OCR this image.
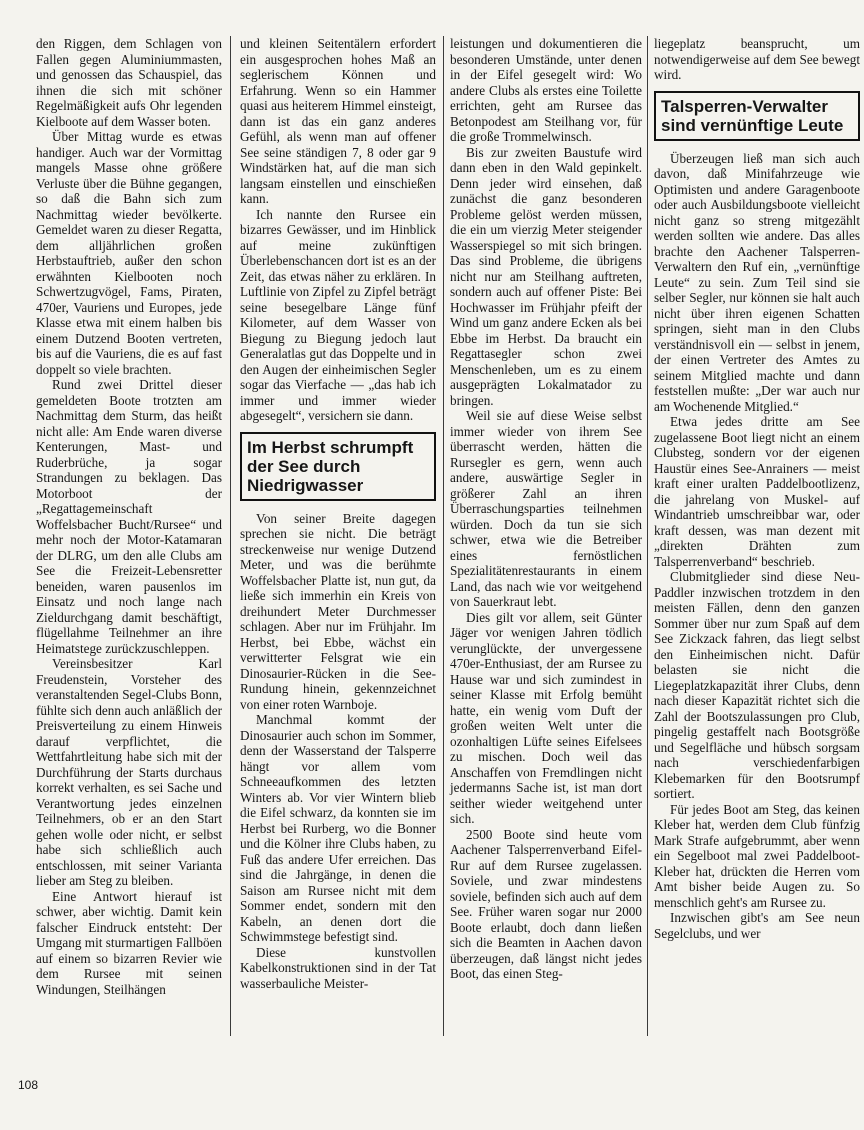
den Riggen, dem Schlagen von Fallen gegen Aluminiummasten, und genossen das Schauspiel, das ihnen die sich mit schöner Regelmäßigkeit aufs Ohr legenden Kielboote auf dem Wasser boten.

Über Mittag wurde es etwas handiger. Auch war der Vormittag mangels Masse ohne größere Verluste über die Bühne gegangen, so daß die Bahn sich zum Nachmittag wieder bevölkerte. Gemeldet waren zu dieser Regatta, dem alljährlichen großen Herbstauftrieb, außer den schon erwähnten Kielbooten noch Schwertzugvögel, Fams, Piraten, 470er, Vauriens und Europes, jede Klasse etwa mit einem halben bis einem Dutzend Booten vertreten, bis auf die Vauriens, die es auf fast doppelt so viele brachten.

Rund zwei Drittel dieser gemeldeten Boote trotzten am Nachmittag dem Sturm, das heißt nicht alle: Am Ende waren diverse Kenterungen, Mast- und Ruderbrüche, ja sogar Strandungen zu beklagen. Das Motorboot der „Regattagemeinschaft Woffelsbacher Bucht/Rursee“ und mehr noch der Motor-Katamaran der DLRG, um den alle Clubs am See die Freizeit-Lebensretter beneiden, waren pausenlos im Einsatz und noch lange nach Zieldurchgang damit beschäftigt, flügellahme Teilnehmer an ihre Heimatstege zurückzuschleppen.

Vereinsbesitzer Karl Freudenstein, Vorsteher des veranstaltenden Segel-Clubs Bonn, fühlte sich denn auch anläßlich der Preisverteilung zu einem Hinweis darauf verpflichtet, die Wettfahrtleitung habe sich mit der Durchführung der Starts durchaus korrekt verhalten, es sei Sache und Verantwortung jedes einzelnen Teilnehmers, ob er an den Start gehen wolle oder nicht, er selbst habe sich schließlich auch entschlossen, mit seiner Varianta lieber am Steg zu bleiben.

Eine Antwort hierauf ist schwer, aber wichtig. Damit kein falscher Eindruck entsteht: Der Umgang mit sturmartigen Fallböen auf einem so bizarren Revier wie dem Rursee mit seinen Windungen, Steilhängen

und kleinen Seitentälern erfordert ein ausgesprochen hohes Maß an seglerischem Können und Erfahrung. Wenn so ein Hammer quasi aus heiterem Himmel einsteigt, dann ist das ein ganz anderes Gefühl, als wenn man auf offener See seine ständigen 7, 8 oder gar 9 Windstärken hat, auf die man sich langsam einstellen und einschießen kann.

Ich nannte den Rursee ein bizarres Gewässer, und im Hinblick auf meine zukünftigen Überlebenschancen dort ist es an der Zeit, das etwas näher zu erklären. In Luftlinie von Zipfel zu Zipfel beträgt seine besegelbare Länge fünf Kilometer, auf dem Wasser von Biegung zu Biegung jedoch laut Generalatlas gut das Doppelte und in den Augen der einheimischen Segler sogar das Vierfache — „das hab ich immer und immer wieder abgesegelt“, versichern sie dann.

Im Herbst schrumpft der See durch Niedrigwasser

Von seiner Breite dagegen sprechen sie nicht. Die beträgt streckenweise nur wenige Dutzend Meter, und was die berühmte Woffelsbacher Platte ist, nun gut, da ließe sich immerhin ein Kreis von dreihundert Meter Durchmesser schlagen. Aber nur im Frühjahr. Im Herbst, bei Ebbe, wächst ein verwitterter Felsgrat wie ein Dinosaurier-Rücken in die See-Rundung hinein, gekennzeichnet von einer roten Warnboje.

Manchmal kommt der Dinosaurier auch schon im Sommer, denn der Wasserstand der Talsperre hängt vor allem vom Schneeaufkommen des letzten Winters ab. Vor vier Wintern blieb die Eifel schwarz, da konnten sie im Herbst bei Rurberg, wo die Bonner und die Kölner ihre Clubs haben, zu Fuß das andere Ufer erreichen. Das sind die Jahrgänge, in denen die Saison am Rursee nicht mit dem Sommer endet, sondern mit den Kabeln, an denen dort die Schwimmstege befestigt sind.

Diese kunstvollen Kabelkonstruktionen sind in der Tat wasserbauliche Meister-

leistungen und dokumentieren die besonderen Umstände, unter denen in der Eifel gesegelt wird: Wo andere Clubs als erstes eine Toilette errichten, geht am Rursee das Betonpodest am Steilhang vor, für die große Trommelwinsch.

Bis zur zweiten Baustufe wird dann eben in den Wald gepinkelt. Denn jeder wird einsehen, daß zunächst die ganz besonderen Probleme gelöst werden müssen, die ein um vierzig Meter steigender Wasserspiegel so mit sich bringen. Das sind Probleme, die übrigens nicht nur am Steilhang auftreten, sondern auch auf offener Piste: Bei Hochwasser im Frühjahr pfeift der Wind um ganz andere Ecken als bei Ebbe im Herbst. Da braucht ein Regattasegler schon zwei Menschenleben, um es zu einem ausgeprägten Lokalmatador zu bringen.

Weil sie auf diese Weise selbst immer wieder von ihrem See überrascht werden, hätten die Rursegler es gern, wenn auch andere, auswärtige Segler in größerer Zahl an ihren Überraschungsparties teilnehmen würden. Doch da tun sie sich schwer, etwa wie die Betreiber eines fernöstlichen Spezialitätenrestaurants in einem Land, das nach wie vor weitgehend von Sauerkraut lebt.

Dies gilt vor allem, seit Günter Jäger vor wenigen Jahren tödlich verunglückte, der unvergessene 470er-Enthusiast, der am Rursee zu Hause war und sich zumindest in seiner Klasse mit Erfolg bemüht hatte, ein wenig vom Duft der großen weiten Welt unter die ozonhaltigen Lüfte seines Eifelsees zu mischen. Doch weil das Anschaffen von Fremdlingen nicht jedermanns Sache ist, ist man dort seither wieder weitgehend unter sich.

2500 Boote sind heute vom Aachener Talsperrenverband Eifel-Rur auf dem Rursee zugelassen. Soviele, und zwar mindestens soviele, befinden sich auch auf dem See. Früher waren sogar nur 2000 Boote erlaubt, doch dann ließen sich die Beamten in Aachen davon überzeugen, daß längst nicht jedes Boot, das einen Steg-

liegeplatz beansprucht, um notwendigerweise auf dem See bewegt wird.

Talsperren-Verwalter sind vernünftige Leute

Überzeugen ließ man sich auch davon, daß Minifahrzeuge wie Optimisten und andere Garagenboote oder auch Ausbildungsboote vielleicht nicht ganz so streng mitgezählt werden sollten wie andere. Das alles brachte den Aachener Talsperren-Verwaltern den Ruf ein, „vernünftige Leute“ zu sein. Zum Teil sind sie selber Segler, nur können sie halt auch nicht über ihren eigenen Schatten springen, sieht man in den Clubs verständnisvoll ein — selbst in jenem, der einen Vertreter des Amtes zu seinem Mitglied machte und dann feststellen mußte: „Der war auch nur am Wochenende Mitglied.“

Etwa jedes dritte am See zugelassene Boot liegt nicht an einem Clubsteg, sondern vor der eigenen Haustür eines See-Anrainers — meist kraft einer uralten Paddelbootlizenz, die jahrelang von Muskel- auf Windantrieb umschreibbar war, oder kraft dessen, was man dezent mit „direkten Drähten zum Talsperrenverband“ beschrieb.

Clubmitglieder sind diese Neu-Paddler inzwischen trotzdem in den meisten Fällen, denn den ganzen Sommer über nur zum Spaß auf dem See Zickzack fahren, das liegt selbst den Einheimischen nicht. Dafür belasten sie nicht die Liegeplatzkapazität ihrer Clubs, denn nach dieser Kapazität richtet sich die Zahl der Bootszulassungen pro Club, pingelig gestaffelt nach Bootsgröße und Segelfläche und hübsch sorgsam nach verschiedenfarbigen Klebemarken für den Bootsrumpf sortiert.

Für jedes Boot am Steg, das keinen Kleber hat, werden dem Club fünfzig Mark Strafe aufgebrummt, aber wenn ein Segelboot mal zwei Paddelboot-Kleber hat, drückten die Herren vom Amt bisher beide Augen zu. So menschlich geht's am Rursee zu.

Inzwischen gibt's am See neun Segelclubs, und wer

108
